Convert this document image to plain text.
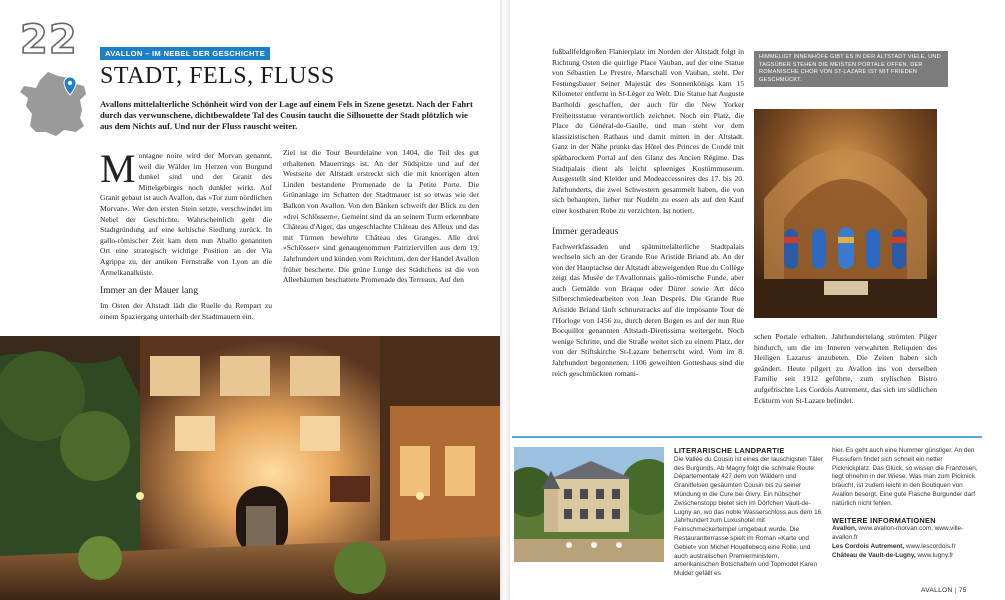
22	AVALLON – IM NEBEL DER GESCHICHTE
STADT, FELS, FLUSS

Avallons mittelalterliche Schönheit wird von der Lage auf einem Fels in Szene gesetzt. Nach der Fahrt durch das verwunschene, dichtbewaldete Tal des Cousin taucht die Silhouette der Stadt plötzlich wie aus dem Nichts auf. Und nur der Fluss rauscht weiter.

M ontagne noire wird der Morvan genannt, weil die Wälder im Herzen von Burgund dunkel sind und der Granit des Mittelgebirges noch dunkler wirkt. Auf Granit gebaut ist auch Avallon, das »Tor zum nördlichen Morvan«. Wer den ersten Stein setzte, verschwindet im Nebel der Geschichte. Wahrscheinlich geht die Stadtgründung auf eine keltische Siedlung zurück. In gallo-römischer Zeit kam dem nun Aballo genannten Ort eine strategisch wichtige Position an der Via Agrippa zu, der antiken Fernstraße von Lyon an die Ärmelkanalküste.
Immer an der Mauer lang
Im Osten der Altstadt lädt die Ruelle du Rempart zu einem Spaziergang unterhalb der Stadtmauern ein.
Ziel ist die Tour Beurdelaine von 1404, die Teil des gut erhaltenen Mauerrings ist. An der Südspitze und auf der Westseite der Altstadt erstreckt sich die mit knorrigen alten Linden bestandene Promenade de la Petite Porte. Die Grünanlage im Schatten der Stadtmauer ist so etwas wie der Balkon von Avallon. Von den Bänken schweift der Blick zu den »drei Schlössern«. Gemeint sind da an seinem Turm erkennbare Château d'Aiger, das ungeschlachte Château des Alleux und das mit Türmen bewehrte Château des Granges. Alle drei »Schlösser« sind genaugenommen Patriziervillen aus dem 19. Jahrhundert und künden vom Reichtum, den der Handel Avallon früher bescherte. Die grüne Lunge des Städtchens ist die von Alleebäumen beschattete Promenade des Terreaux. Auf den
fußballfeldgroßen Flanierplatz im Norden der Altstadt folgt in Richtung Osten die quirlige Place Vauban, auf der eine Statue von Sébastien Le Prestre, Marschall von Vauban, steht. Der Festungsbauer Seiner Majestät des Sonnenkönigs kam 15 Kilometer entfernt in St-Léger zu Welt. Die Statue hat Auguste Bartholdi geschaffen, der auch für die New Yorker Freiheitsstatue verantwortlich zeichnet. Noch ein Platz, die Place du Général-de-Gaulle, und man steht vor dem klassizistischen Rathaus und damit mitten in der Altstadt. Ganz in der Nähe prunkt das Hôtel des Princes de Condé mit spätbarockem Portal auf den Glanz des Ancien Régime. Das Stadtpalais dient als leicht spleeniges Kostümmuseum. Ausgestellt sind Kleider und Modeaccessoires des 17. bis 20. Jahrhunderts, die zwei Schwestern gesammelt haben, die von sich behaupten, lieber nur Nudeln zu essen als auf den Kauf einer kostbaren Robe zu verzichten. Ist notiert.
Immer geradeaus
Fachwerkfassaden und spätmittelalterliche Stadtpalais wechseln sich an der Grande Rue Aristide Briand ab. An der von der Hauptachse der Altstadt abzweigenden Rue du Collège zeigt das Musée de l'Avallonnais gallo-römische Funde, aber auch Gemälde von Braque oder Dürer sowie Art déco Silberschmiedearbeiten von Jean Desprès. Die Grande Rue Aristide Briand läuft schnurstracks auf die imposante Tour de l'Horloge von 1456 zu, durch deren Bogen es auf der nun Rue Bocquillot genannten Altstadt-Diretissima weitergeht. Noch wenige Schritte, und die Straße weitet sich zu einem Platz, der von der Stiftskirche St-Lazare beherrscht wird. Vom im 8. Jahrhundert begonnenen, 1106 geweihten Gotteshaus sind die reich geschmückten romani-
HIMMELIGT INNENHÖFE GIBT ES IN DER ALTSTADT VIELE, UND TAGSÜBER STEHEN DIE MEISTEN PORTALE OFFEN. DER ROMANISCHE CHOR VON ST-LAZARE IST MIT FRIEDEN GESCHMÜCKT.
schen Portale erhalten. Jahrhundertelang strömten Pilger hindurch, um die im Inneren verwahrten Reliquien des Heiligen Lazarus anzubeten. Die Zeiten haben sich geändert. Heute pilgert zu Avallon ins von derselben Familie seit 1912 geführte, zum stylischen Bistro aufgefrischte Les Cordois Autrement, das sich im südlichen Eckturm von St-Lazare befindet.
LITERARISCHE LANDPARTIE
Die Vallée du Cousin ist eines der lauschigsten Täler des Burgunds. Ab Magny folgt die schmale Route Départementale 427 dem von Wäldern und Granitfelsen gesäumten Cousin bis zu seiner Mündung in die Cure bei Givry. Ein hübscher Zwischenstopp bietet sich im Dörfchen Vault-de-Lugny an, wo das noble Wasserschloss aus dem 16. Jahrhundert zum Luxushotel mit Feinschmeckertempel umgebaut wurde. Die Restaurantterrasse spielt im Roman »Karte und Gebiet« von Michel Houellebecq eine Rolle, und auch australischen Premierministern, amerikanischen Botschaftern und Topmodel Karen Mulder gefällt es
hier. Es geht auch eine Nummer günstiger. An den Flussufern findet sich schnell ein netter Picknickplatz. Das Glück, so wissen die Franzosen, liegt ohnehin in der Wiese. Was man zum Picknick braucht, ist zudem leicht in den Boutiquen von Avallon besorgt. Eine gute Flasche Burgunder darf natürlich nicht fehlen.
WEITERE INFORMATIONEN
Avallon, www.avallon-morvan.com, www.ville-avallon.fr
Les Cordois Autrement, www.lescordois.fr
Château de Vault-de-Lugny, www.lugny.fr
AVALLON | 75
